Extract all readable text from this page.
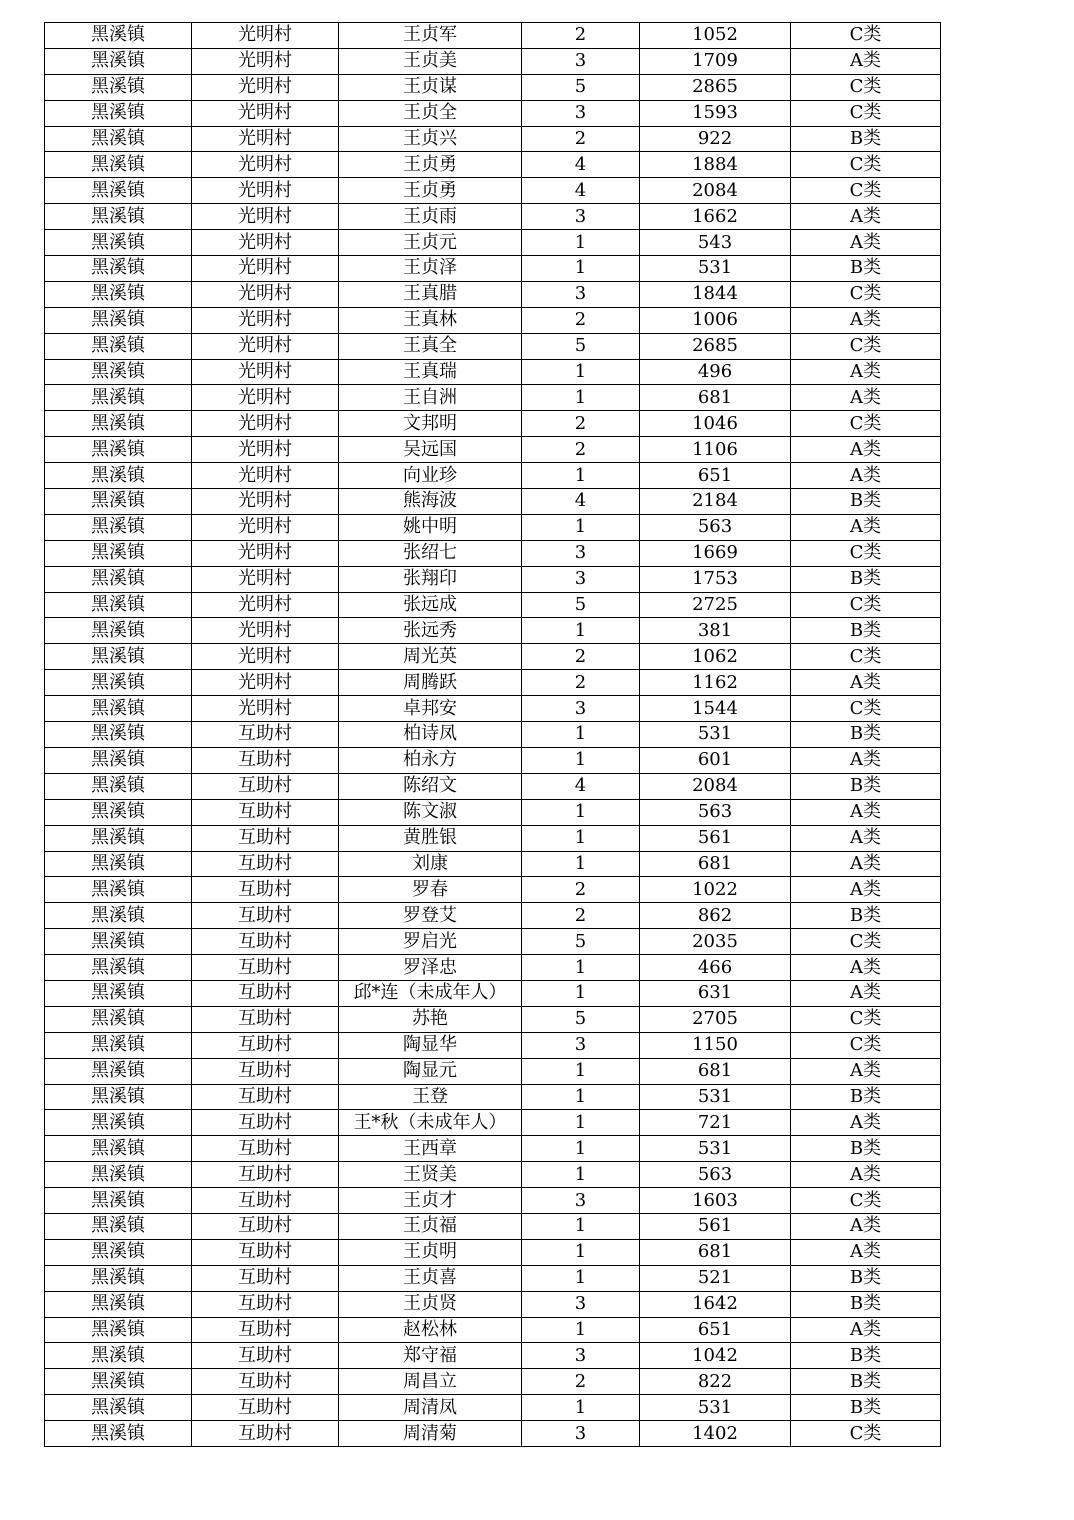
黑溪镇	光明村	王贞军	2	1052	C类
黑溪镇	光明村	王贞美	3	1709	A类
黑溪镇	光明村	王贞谋	5	2865	C类
黑溪镇	光明村	王贞全	3	1593	C类
黑溪镇	光明村	王贞兴	2	922	B类
黑溪镇	光明村	王贞勇	4	1884	C类
黑溪镇	光明村	王贞勇	4	2084	C类
黑溪镇	光明村	王贞雨	3	1662	A类
黑溪镇	光明村	王贞元	1	543	A类
黑溪镇	光明村	王贞泽	1	531	B类
黑溪镇	光明村	王真腊	3	1844	C类
黑溪镇	光明村	王真林	2	1006	A类
黑溪镇	光明村	王真全	5	2685	C类
黑溪镇	光明村	王真瑞	1	496	A类
黑溪镇	光明村	王自洲	1	681	A类
黑溪镇	光明村	文邦明	2	1046	C类
黑溪镇	光明村	吴远国	2	1106	A类
黑溪镇	光明村	向业珍	1	651	A类
黑溪镇	光明村	熊海波	4	2184	B类
黑溪镇	光明村	姚中明	1	563	A类
黑溪镇	光明村	张绍七	3	1669	C类
黑溪镇	光明村	张翔印	3	1753	B类
黑溪镇	光明村	张远成	5	2725	C类
黑溪镇	光明村	张远秀	1	381	B类
黑溪镇	光明村	周光英	2	1062	C类
黑溪镇	光明村	周腾跃	2	1162	A类
黑溪镇	光明村	卓邦安	3	1544	C类
黑溪镇	互助村	柏诗凤	1	531	B类
黑溪镇	互助村	柏永方	1	601	A类
黑溪镇	互助村	陈绍文	4	2084	B类
黑溪镇	互助村	陈文淑	1	563	A类
黑溪镇	互助村	黄胜银	1	561	A类
黑溪镇	互助村	刘康	1	681	A类
黑溪镇	互助村	罗春	2	1022	A类
黑溪镇	互助村	罗登艾	2	862	B类
黑溪镇	互助村	罗启光	5	2035	C类
黑溪镇	互助村	罗泽忠	1	466	A类
黑溪镇	互助村	邱*连（未成年人）	1	631	A类
黑溪镇	互助村	苏艳	5	2705	C类
黑溪镇	互助村	陶显华	3	1150	C类
黑溪镇	互助村	陶显元	1	681	A类
黑溪镇	互助村	王登	1	531	B类
黑溪镇	互助村	王*秋（未成年人）	1	721	A类
黑溪镇	互助村	王西章	1	531	B类
黑溪镇	互助村	王贤美	1	563	A类
黑溪镇	互助村	王贞才	3	1603	C类
黑溪镇	互助村	王贞福	1	561	A类
黑溪镇	互助村	王贞明	1	681	A类
黑溪镇	互助村	王贞喜	1	521	B类
黑溪镇	互助村	王贞贤	3	1642	B类
黑溪镇	互助村	赵松林	1	651	A类
黑溪镇	互助村	郑守福	3	1042	B类
黑溪镇	互助村	周昌立	2	822	B类
黑溪镇	互助村	周清凤	1	531	B类
黑溪镇	互助村	周清菊	3	1402	C类
